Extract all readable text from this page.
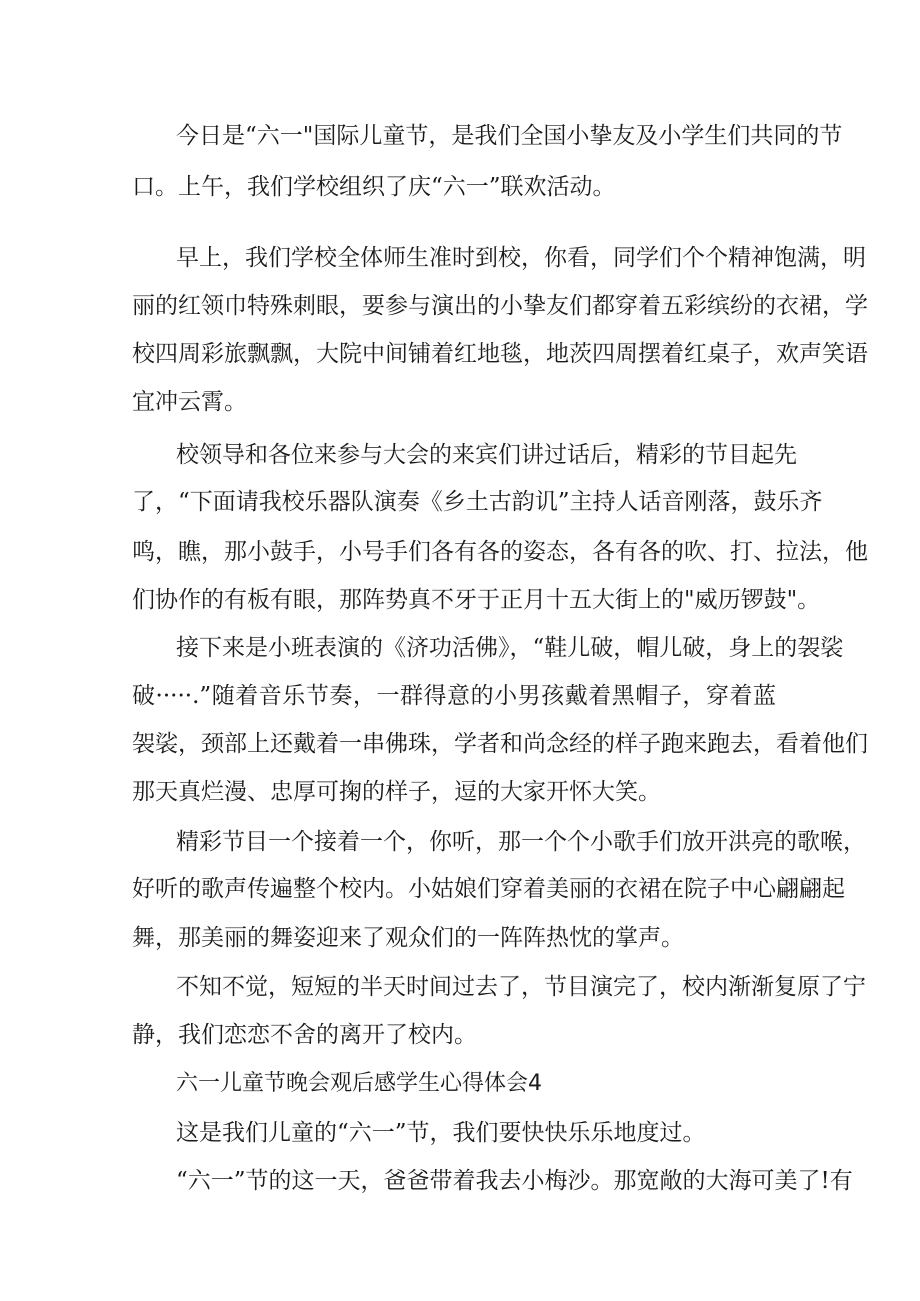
今日是“六一"国际儿童节，是我们全国小挚友及小学生们共同的节
口。上午，我们学校组织了庆“六一”联欢活动。
早上，我们学校全体师生准时到校，你看，同学们个个精神饱满，明
丽的红领巾特殊刺眼，要参与演出的小挚友们都穿着五彩缤纷的衣裙，学
校四周彩旅飘飘，大院中间铺着红地毯，地茨四周摆着红桌子，欢声笑语
宜冲云霄。
校领导和各位来参与大会的来宾们讲过话后，精彩的节目起先
了，“下面请我校乐器队演奏《乡土古韵讥”主持人话音刚落，鼓乐齐
鸣，瞧，那小鼓手，小号手们各有各的姿态，各有各的吹、打、拉法，他
们协作的有板有眼，那阵势真不牙于正月十五大街上的"威历锣鼓"。
接下来是小班表演的《济功活佛》，“鞋儿破，帽儿破，身上的袈裟
破·····.”随着音乐节奏，一群得意的小男孩戴着黑帽子，穿着蓝
袈裟，颈部上还戴着一串佛珠，学者和尚念经的样子跑来跑去，看着他们
那天真烂漫、忠厚可掬的样子，逗的大家开怀大笑。
精彩节目一个接着一个，你听，那一个个小歌手们放开洪亮的歌喉，
好听的歌声传遍整个校内。小姑娘们穿着美丽的衣裙在院子中心翩翩起
舞，那美丽的舞姿迎来了观众们的一阵阵热忱的掌声。
不知不觉，短短的半天时间过去了，节目演完了，校内渐渐复原了宁
静，我们恋恋不舍的离开了校内。
六一儿童节晚会观后感学生心得体会4
这是我们儿童的“六一”节，我们要快快乐乐地度过。
“六一”节的这一天，爸爸带着我去小梅沙。那宽敞的大海可美了!有
